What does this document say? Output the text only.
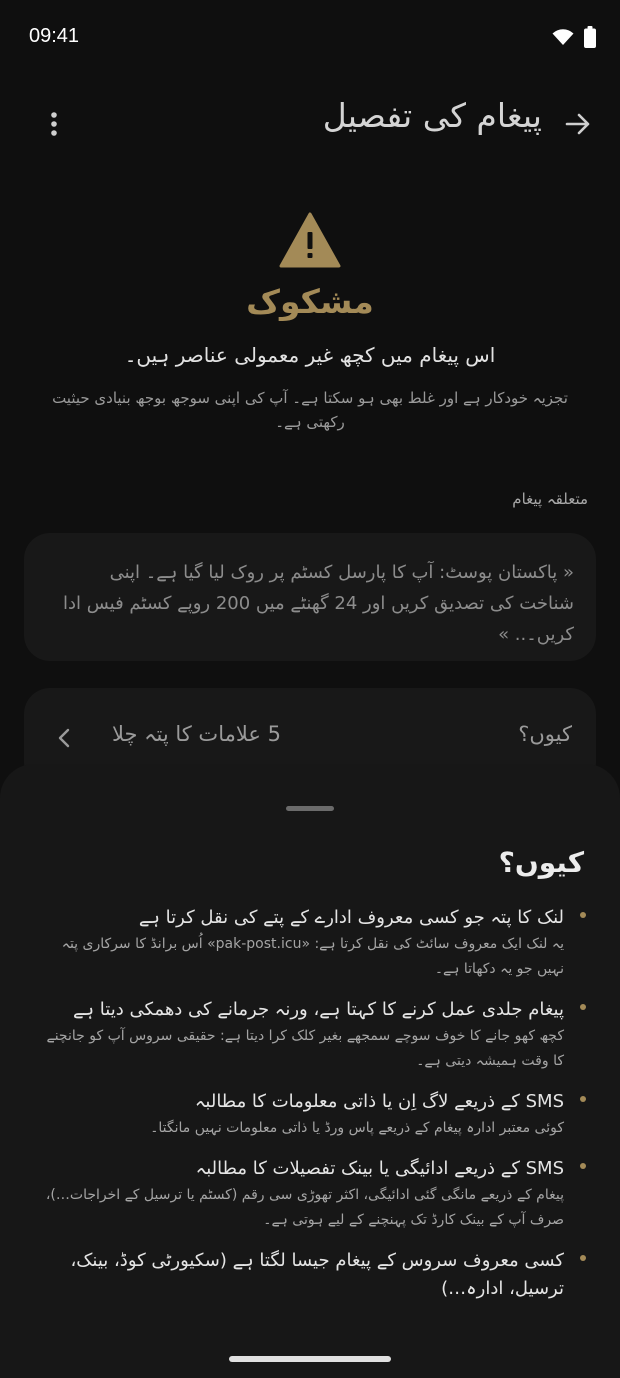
09:41
پیغام کی تفصیل
مشکوک
اس پیغام میں کچھ غیر معمولی عناصر ہیں۔
تجزیہ خودکار ہے اور غلط بھی ہو سکتا ہے۔ آپ کی اپنی سوجھ بوجھ بنیادی حیثیت رکھتی ہے۔
متعلقہ پیغام
« پاکستان پوسٹ: آپ کا پارسل کسٹم پر روک لیا گیا ہے۔ اپنی شناخت کی تصدیق کریں اور 24 گھنٹے میں 200 روپے کسٹم فیس ادا کریں۔.. »
کیوں؟
5 علامات کا پتہ چلا
کیوں؟
لنک کا پتہ جو کسی معروف ادارے کے پتے کی نقل کرتا ہے
یہ لنک ایک معروف سائٹ کی نقل کرتا ہے: «pak-post.icu» اُس برانڈ کا سرکاری پتہ نہیں جو یہ دکھاتا ہے۔
پیغام جلدی عمل کرنے کا کہتا ہے، ورنہ جرمانے کی دھمکی دیتا ہے
کچھ کھو جانے کا خوف سوچے سمجھے بغیر کلک کرا دیتا ہے: حقیقی سروس آپ کو جانچنے کا وقت ہمیشہ دیتی ہے۔
SMS کے ذریعے لاگ اِن یا ذاتی معلومات کا مطالبہ
کوئی معتبر ادارہ پیغام کے ذریعے پاس ورڈ یا ذاتی معلومات نہیں مانگتا۔
SMS کے ذریعے ادائیگی یا بینک تفصیلات کا مطالبہ
پیغام کے ذریعے مانگی گئی ادائیگی، اکثر تھوڑی سی رقم (کسٹم یا ترسیل کے اخراجات…)، صرف آپ کے بینک کارڈ تک پہنچنے کے لیے ہوتی ہے۔
کسی معروف سروس کے پیغام جیسا لگتا ہے (سکیورٹی کوڈ، بینک، ترسیل، ادارہ…)
